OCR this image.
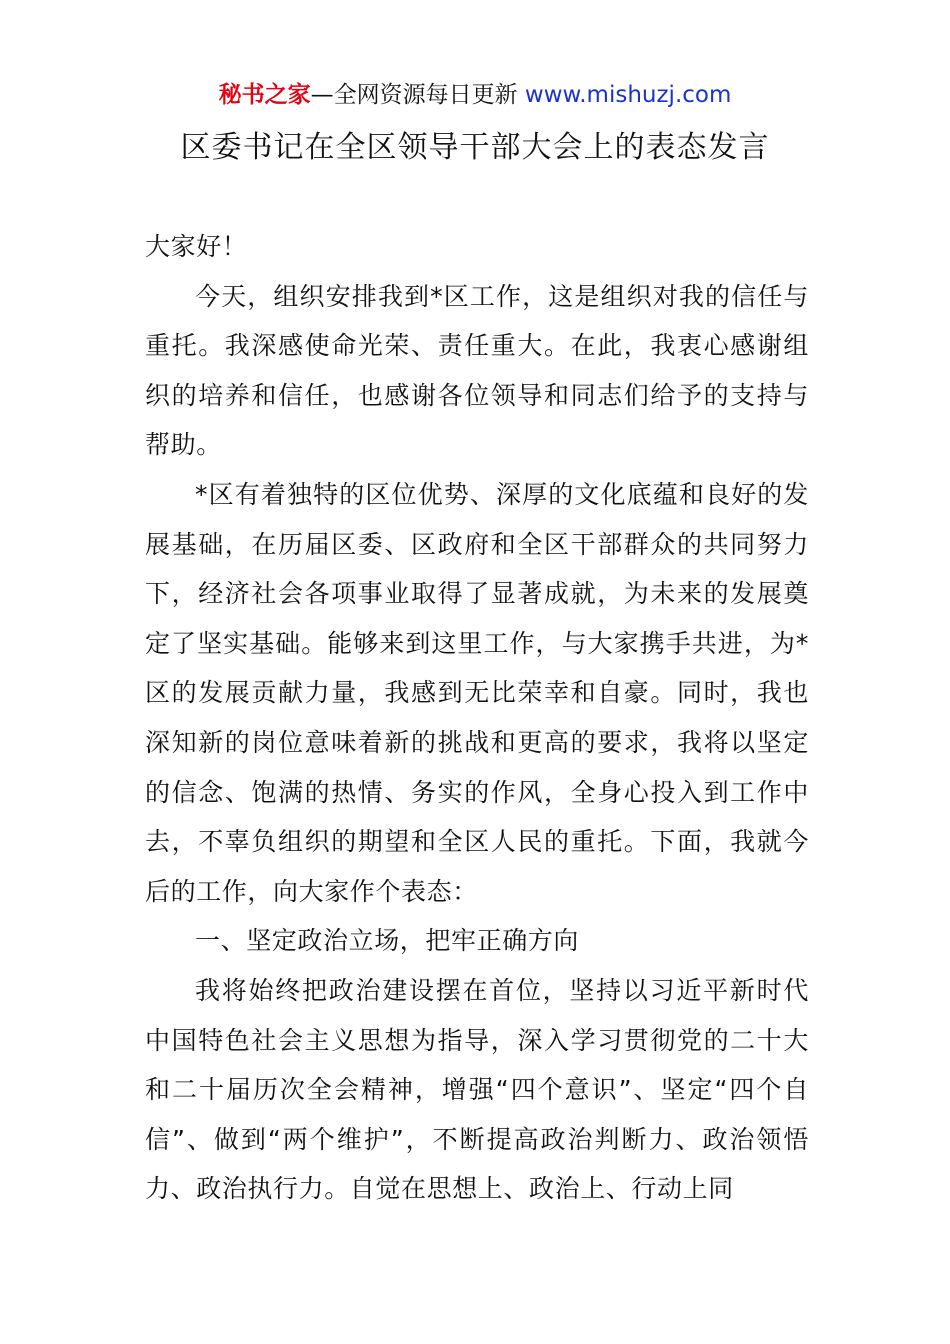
秘书之家—全网资源每日更新 www.mishuzj.com
区委书记在全区领导干部大会上的表态发言

大家好！

今天，组织安排我到*区工作，这是组织对我的信任与重托。我深感使命光荣、责任重大。在此，我衷心感谢组织的培养和信任，也感谢各位领导和同志们给予的支持与帮助。

*区有着独特的区位优势、深厚的文化底蕴和良好的发展基础，在历届区委、区政府和全区干部群众的共同努力下，经济社会各项事业取得了显著成就，为未来的发展奠定了坚实基础。能够来到这里工作，与大家携手共进，为*区的发展贡献力量，我感到无比荣幸和自豪。同时，我也深知新的岗位意味着新的挑战和更高的要求，我将以坚定的信念、饱满的热情、务实的作风，全身心投入到工作中去，不辜负组织的期望和全区人民的重托。下面，我就今后的工作，向大家作个表态：

一、坚定政治立场，把牢正确方向

我将始终把政治建设摆在首位，坚持以习近平新时代中国特色社会主义思想为指导，深入学习贯彻党的二十大和二十届历次全会精神，增强“四个意识”、坚定“四个自信”、做到“两个维护”，不断提高政治判断力、政治领悟力、政治执行力。自觉在思想上、政治上、行动上同
